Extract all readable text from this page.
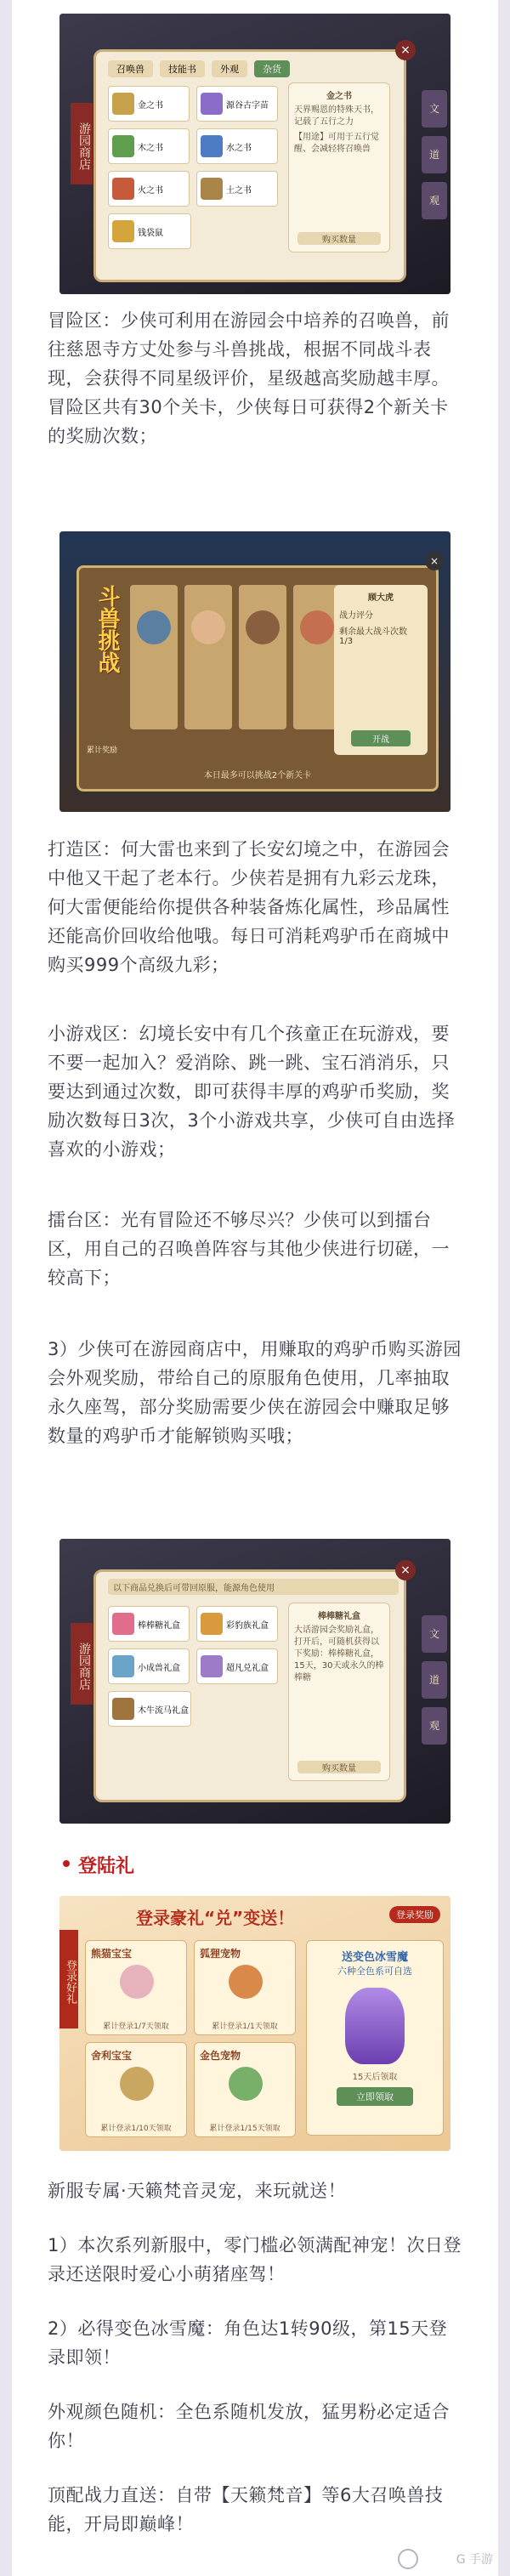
游园商店
召唤兽	技能书	外观	杂货
金之书	源谷古字苗
木之书	水之书
火之书	土之书
钱袋鼠
金之书
天界赐恩的特殊天书，记载了五行之力
【用途】可用于五行觉醒、会减轻将召唤兽
购买数量
×
文
道
观

冒险区：少侠可利用在游园会中培养的召唤兽，前往慈恩寺方丈处参与斗兽挑战，根据不同战斗表现，会获得不同星级评价，星级越高奖励越丰厚。冒险区共有30个关卡，少侠每日可获得2个新关卡的奖励次数；

斗兽挑战	顾大虎
战力评分
剩余最大战斗次数 1/3
开战
累计奖励
本日最多可以挑战2个新关卡
×

打造区：何大雷也来到了长安幻境之中，在游园会中他又干起了老本行。少侠若是拥有九彩云龙珠，何大雷便能给你提供各种装备炼化属性，珍品属性还能高价回收给他哦。每日可消耗鸡驴币在商城中购买999个高级九彩；

小游戏区：幻境长安中有几个孩童正在玩游戏，要不要一起加入？爱消除、跳一跳、宝石消消乐，只要达到通过次数，即可获得丰厚的鸡驴币奖励，奖励次数每日3次，3个小游戏共享，少侠可自由选择喜欢的小游戏；

擂台区：光有冒险还不够尽兴？少侠可以到擂台区，用自己的召唤兽阵容与其他少侠进行切磋，一较高下；

3）少侠可在游园商店中，用赚取的鸡驴币购买游园会外观奖励，带给自己的原服角色使用，几率抽取永久座驾，部分奖励需要少侠在游园会中赚取足够数量的鸡驴币才能解锁购买哦；

游园商店
以下商品兑换后可带回原服，能源角色使用
棒棒糖礼盒	彩豹族礼盒
小成兽礼盒	超凡兑礼盒
木牛流马礼盒
棒棒糖礼盒
大话游园会奖励礼盒，打开后，可随机获得以下奖励：棒棒糖礼盒，15天，30天或永久的棒棒糖
购买数量
×
文
道
观
登陆礼
登录好礼
登录豪礼“兑”变送！	登录奖励
熊猫宝宝
累计登录1/7天领取
狐狸宠物
累计登录1/1天领取
舍利宝宝
累计登录1/10天领取
金色宠物
累计登录1/15天领取
送变色冰雪魔
六种全色系可自选
15天后领取
立即领取

新服专属·天籁梵音灵宠，来玩就送！

1）本次系列新服中，零门槛必领满配神宠！次日登录还送限时爱心小萌猪座驾！

2）必得变色冰雪魔：角色达1转90级，第15天登录即领！

外观颜色随机：全色系随机发放，猛男粉必定适合你！

顶配战力直送：自带【天籁梵音】等6大召唤兽技能，开局即巅峰！

G 手游
